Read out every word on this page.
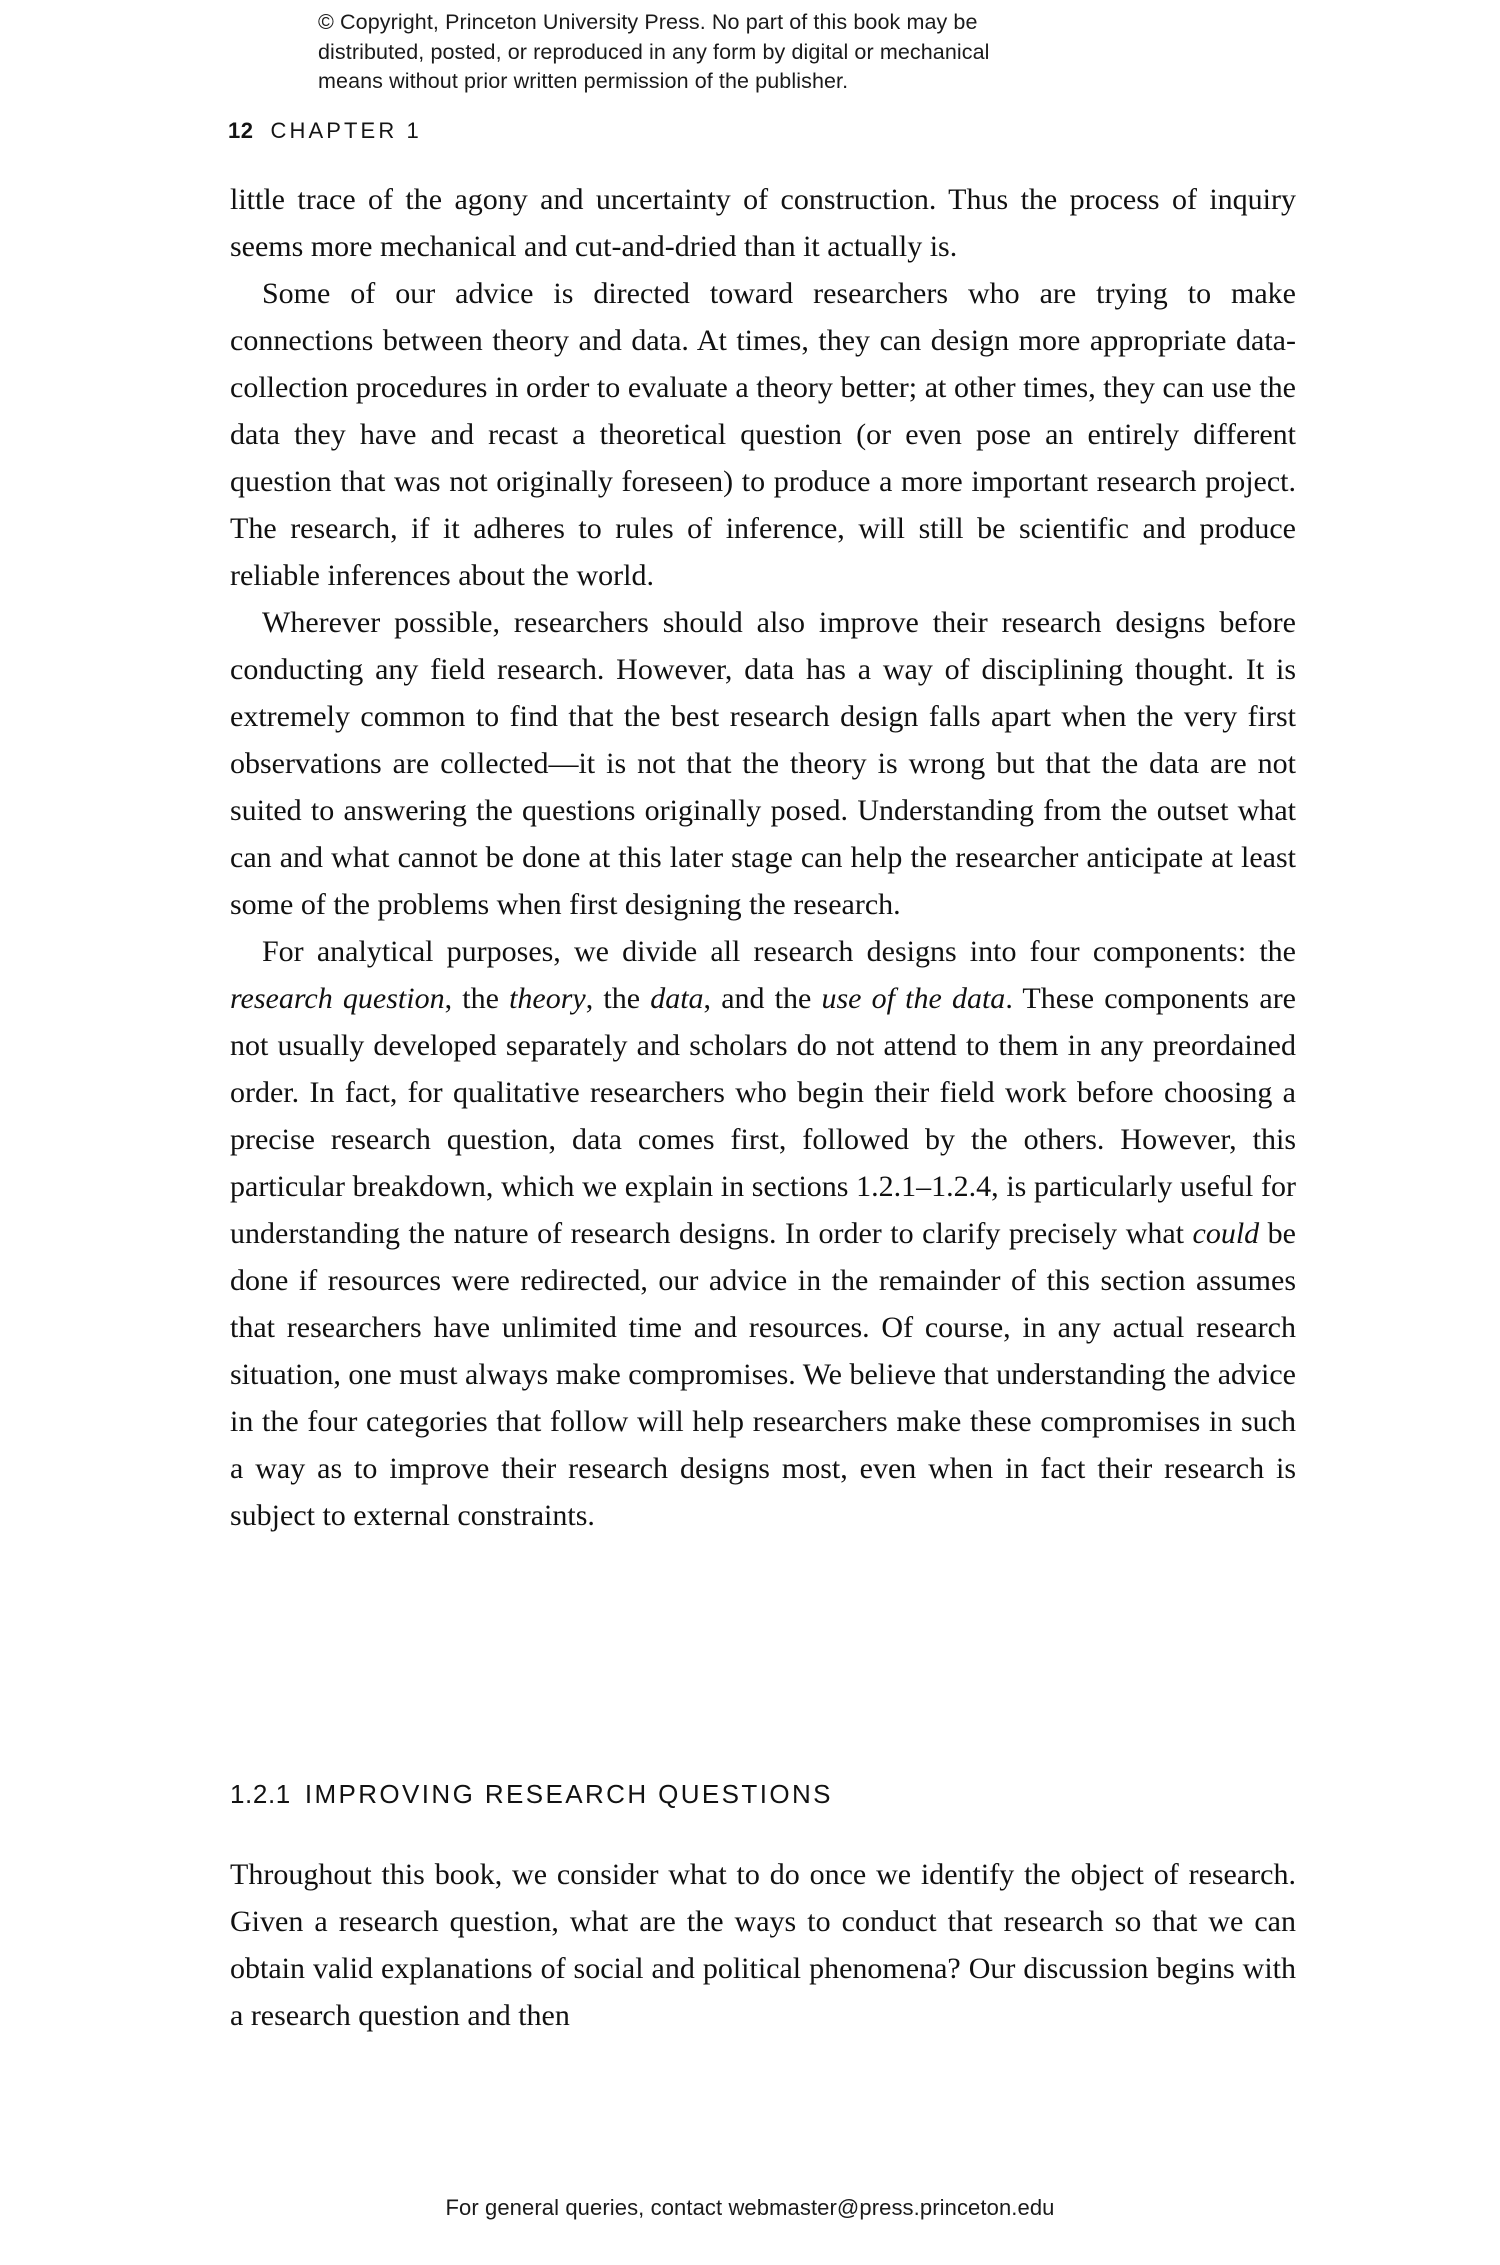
© Copyright, Princeton University Press. No part of this book may be
distributed, posted, or reproduced in any form by digital or mechanical
means without prior written permission of the publisher.
12 CHAPTER 1

little trace of the agony and uncertainty of construction. Thus the process of inquiry seems more mechanical and cut-and-dried than it actually is.

Some of our advice is directed toward researchers who are trying to make connections between theory and data. At times, they can design more appropriate data-collection procedures in order to evaluate a theory better; at other times, they can use the data they have and recast a theoretical question (or even pose an entirely different question that was not originally foreseen) to produce a more important research project. The research, if it adheres to rules of inference, will still be scientific and produce reliable inferences about the world.

Wherever possible, researchers should also improve their research designs before conducting any field research. However, data has a way of disciplining thought. It is extremely common to find that the best research design falls apart when the very first observations are collected—it is not that the theory is wrong but that the data are not suited to answering the questions originally posed. Understanding from the outset what can and what cannot be done at this later stage can help the researcher anticipate at least some of the problems when first designing the research.

For analytical purposes, we divide all research designs into four components: the research question, the theory, the data, and the use of the data. These components are not usually developed separately and scholars do not attend to them in any preordained order. In fact, for qualitative researchers who begin their field work before choosing a precise research question, data comes first, followed by the others. However, this particular breakdown, which we explain in sections 1.2.1–1.2.4, is particularly useful for understanding the nature of research designs. In order to clarify precisely what could be done if resources were redirected, our advice in the remainder of this section assumes that researchers have unlimited time and resources. Of course, in any actual research situation, one must always make compromises. We believe that understanding the advice in the four categories that follow will help researchers make these compromises in such a way as to improve their research designs most, even when in fact their research is subject to external constraints.

1.2.1 IMPROVING RESEARCH QUESTIONS

Throughout this book, we consider what to do once we identify the object of research. Given a research question, what are the ways to conduct that research so that we can obtain valid explanations of social and political phenomena? Our discussion begins with a research question and then

For general queries, contact webmaster@press.princeton.edu
